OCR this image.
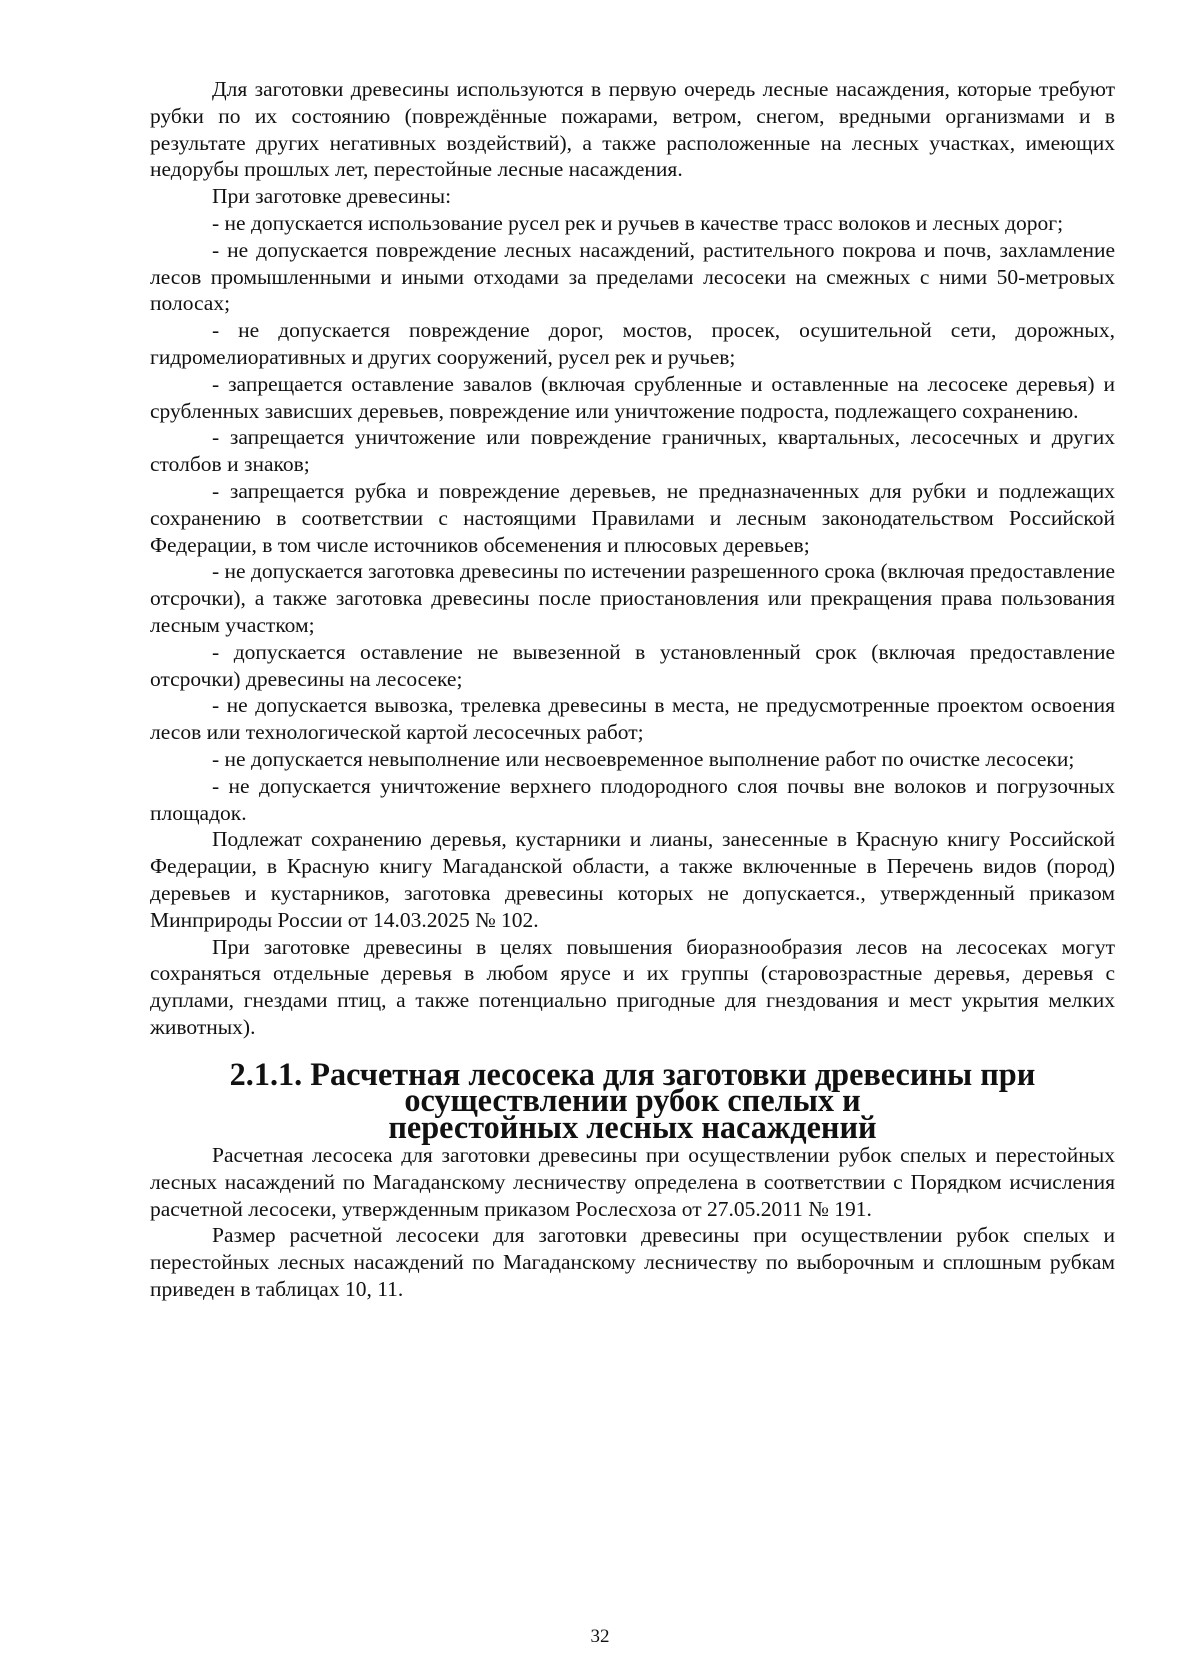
Для заготовки древесины используются в первую очередь лесные насаждения, которые требуют рубки по их состоянию (повреждённые пожарами, ветром, снегом, вредными организмами и в результате других негативных воздействий), а также расположенные на лесных участках, имеющих недорубы прошлых лет, перестойные лесные насаждения.

При заготовке древесины:

- не допускается использование русел рек и ручьев в качестве трасс волоков и лесных дорог;

- не допускается повреждение лесных насаждений, растительного покрова и почв, захламление лесов промышленными и иными отходами за пределами лесосеки на смежных с ними 50-метровых полосах;

- не допускается повреждение дорог, мостов, просек, осушительной сети, дорожных, гидромелиоративных и других сооружений, русел рек и ручьев;

- запрещается оставление завалов (включая срубленные и оставленные на лесосеке деревья) и срубленных зависших деревьев, повреждение или уничтожение подроста, подлежащего сохранению.

- запрещается уничтожение или повреждение граничных, квартальных, лесосечных и других столбов и знаков;

- запрещается рубка и повреждение деревьев, не предназначенных для рубки и подлежащих сохранению в соответствии с настоящими Правилами и лесным законодательством Российской Федерации, в том числе источников обсеменения и плюсовых деревьев;

- не допускается заготовка древесины по истечении разрешенного срока (включая предоставление отсрочки), а также заготовка древесины после приостановления или прекращения права пользования лесным участком;

- допускается оставление не вывезенной в установленный срок (включая предоставление отсрочки) древесины на лесосеке;

- не допускается вывозка, трелевка древесины в места, не предусмотренные проектом освоения лесов или технологической картой лесосечных работ;

- не допускается невыполнение или несвоевременное выполнение работ по очистке лесосеки;

- не допускается уничтожение верхнего плодородного слоя почвы вне волоков и погрузочных площадок.

Подлежат сохранению деревья, кустарники и лианы, занесенные в Красную книгу Российской Федерации, в Красную книгу Магаданской области, а также включенные в Перечень видов (пород) деревьев и кустарников, заготовка древесины которых не допускается., утвержденный приказом Минприроды России от 14.03.2025 № 102.

При заготовке древесины в целях повышения биоразнообразия лесов на лесосеках могут сохраняться отдельные деревья в любом ярусе и их группы (старовозрастные деревья, деревья с дуплами, гнездами птиц, а также потенциально пригодные для гнездования и мест укрытия мелких животных).

2.1.1. Расчетная лесосека для заготовки древесины при осуществлении рубок спелых и
перестойных лесных насаждений

Расчетная лесосека для заготовки древесины при осуществлении рубок спелых и перестойных лесных насаждений по Магаданскому лесничеству определена в соответствии с Порядком исчисления расчетной лесосеки, утвержденным приказом Рослесхоза от 27.05.2011 № 191.

Размер расчетной лесосеки для заготовки древесины при осуществлении рубок спелых и перестойных лесных насаждений по Магаданскому лесничеству по выборочным и сплошным рубкам приведен в таблицах 10, 11.

32
